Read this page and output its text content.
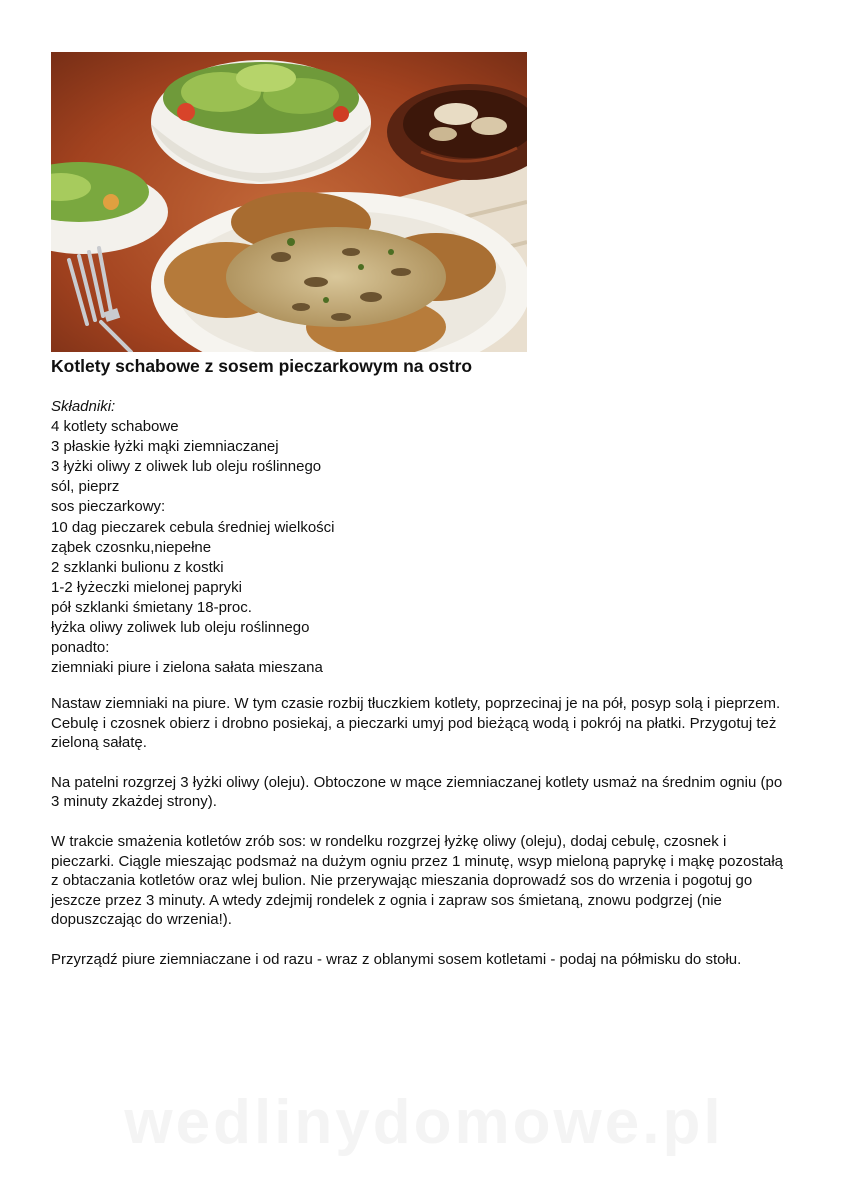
Kotlety schabowe z sosem pieczarkowym na ostro
Składniki:
4 kotlety schabowe
3 płaskie łyżki mąki ziemniaczanej
3 łyżki oliwy z oliwek lub oleju roślinnego
sól, pieprz
sos pieczarkowy:
10 dag pieczarek cebula średniej wielkości
ząbek czosnku,niepełne
2 szklanki bulionu z kostki
1-2 łyżeczki mielonej papryki
pół szklanki śmietany 18-proc.
łyżka oliwy zoliwek lub oleju roślinnego
ponadto:
ziemniaki piure i zielona sałata mieszana

Nastaw ziemniaki na piure. W tym czasie rozbij tłuczkiem kotlety, poprzecinaj je na pół, posyp solą i pieprzem. Cebulę i czosnek obierz i drobno posiekaj, a pieczarki umyj pod bieżącą wodą i pokrój na płatki. Przygotuj też zieloną sałatę.

Na patelni rozgrzej 3 łyżki oliwy (oleju). Obtoczone w mące ziemniaczanej kotlety usmaż na średnim ogniu (po 3 minuty zkażdej strony).

W trakcie smażenia kotletów zrób sos: w rondelku rozgrzej łyżkę oliwy (oleju), dodaj cebulę, czosnek i pieczarki. Ciągle mieszając podsmaż na dużym ogniu przez 1 minutę, wsyp mieloną paprykę i mąkę pozostałą z obtaczania kotletów oraz wlej bulion. Nie przerywając mieszania doprowadź sos do wrzenia i pogotuj go jeszcze przez 3 minuty. A wtedy zdejmij rondelek z ognia i zapraw sos śmietaną, znowu podgrzej (nie dopuszczając do wrzenia!).

Przyrządź piure ziemniaczane i od razu - wraz z oblanymi sosem kotletami - podaj na półmisku do stołu.

wedlinydomowe.pl
